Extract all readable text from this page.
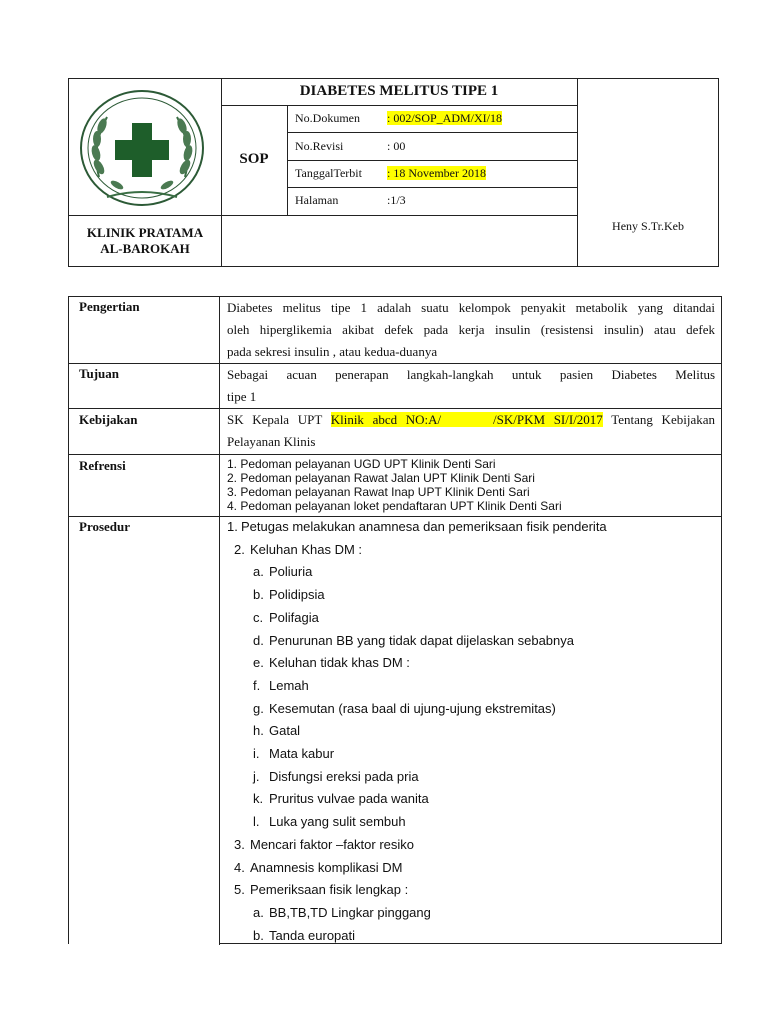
DIABETES MELITUS TIPE 1
SOP
No.Dokumen : 002/SOP_ADM/XI/18
No.Revisi	: 00
TanggalTerbit : 18 November 2018
Halaman	:1/3
KLINIK PRATAMA
AL-BAROKAH
Heny S.Tr.Keb
Pengertian
Tujuan
Kebijakan
Refrensi
Prosedur
Diabetes melitus tipe 1 adalah suatu kelompok penyakit metabolik yang ditandai
oleh hiperglikemia akibat defek pada kerja insulin (resistensi insulin) atau defek
pada sekresi insulin , atau kedua-duanya
Sebagai acuan penerapan langkah-langkah untuk pasien Diabetes Melitus
tipe 1
SK Kepala UPT Klinik abcd NO:A/      /SK/PKM SI/I/2017 Tentang Kebijakan
Pelayanan Klinis
1. Pedoman pelayanan UGD UPT Klinik Denti Sari
2. Pedoman pelayanan Rawat Jalan UPT Klinik Denti Sari
3. Pedoman pelayanan Rawat Inap UPT Klinik Denti Sari
4. Pedoman pelayanan loket pendaftaran UPT Klinik Denti Sari
1. Petugas melakukan anamnesa dan pemeriksaan fisik penderita
2. Keluhan Khas DM :
a. Poliuria
b. Polidipsia
c. Polifagia
d. Penurunan BB yang tidak dapat dijelaskan sebabnya
e. Keluhan tidak khas DM :
f. Lemah
g. Kesemutan (rasa baal di ujung-ujung ekstremitas)
h. Gatal
i. Mata kabur
j. Disfungsi ereksi pada pria
k. Pruritus vulvae pada wanita
l. Luka yang sulit sembuh
3. Mencari faktor –faktor resiko
4. Anamnesis komplikasi DM
5. Pemeriksaan fisik lengkap :
a. BB,TB,TD Lingkar pinggang
b. Tanda europati
